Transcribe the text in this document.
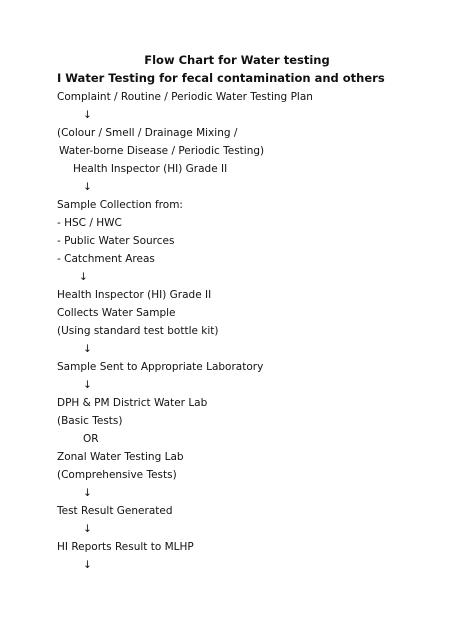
Flow Chart for Water testing
I Water Testing for fecal contamination and others
Complaint / Routine / Periodic Water Testing Plan
↓
(Colour / Smell / Drainage Mixing /
Water-borne Disease / Periodic Testing)
Health Inspector (HI) Grade II
↓
Sample Collection from:
- HSC / HWC
- Public Water Sources
- Catchment Areas
↓
Health Inspector (HI) Grade II
Collects Water Sample
(Using standard test bottle kit)
↓
Sample Sent to Appropriate Laboratory
↓
DPH & PM District Water Lab
(Basic Tests)
OR
Zonal Water Testing Lab
(Comprehensive Tests)
↓
Test Result Generated
↓
HI Reports Result to MLHP
↓
